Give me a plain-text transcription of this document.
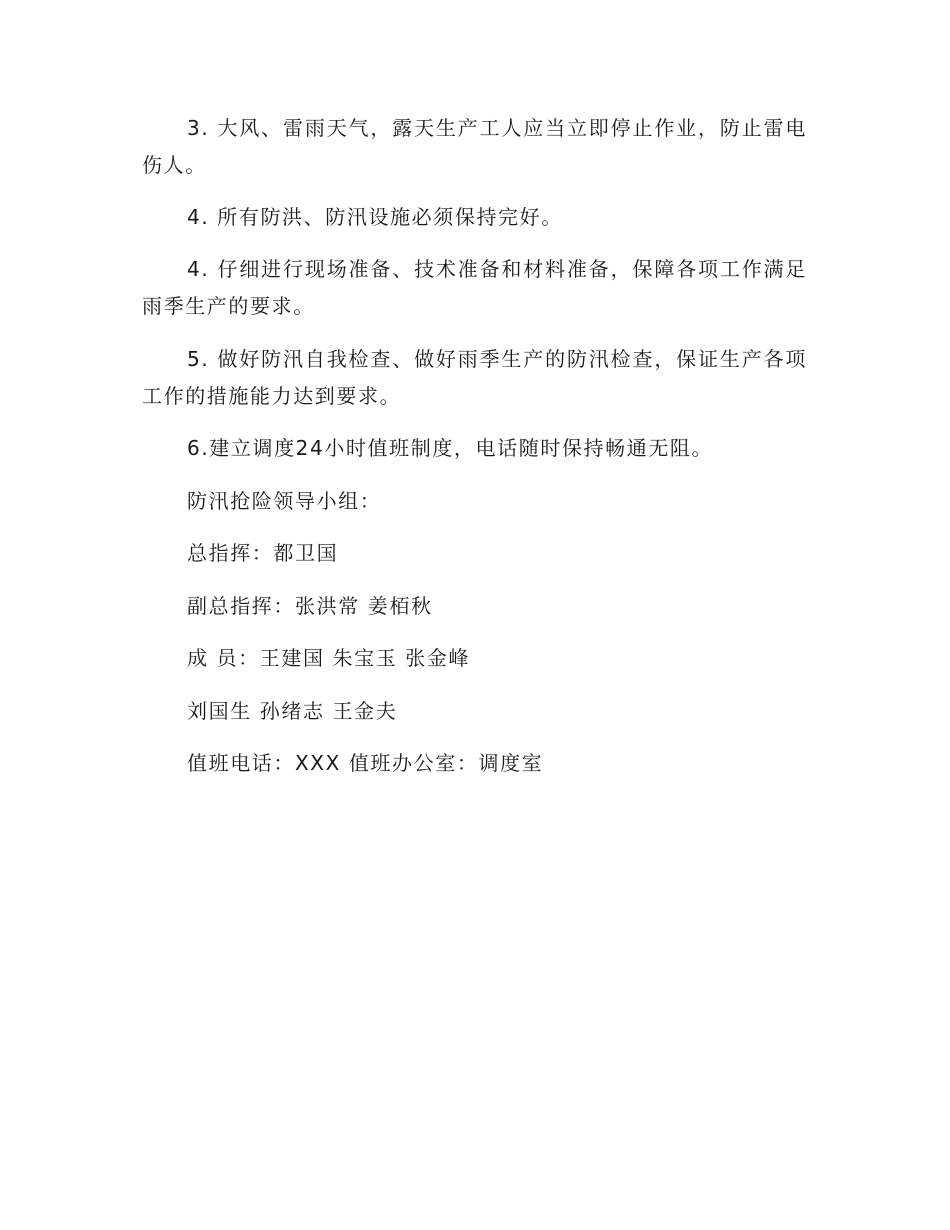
3. 大风、雷雨天气，露天生产工人应当立即停止作业，防止雷电
伤人。
4. 所有防洪、防汛设施必须保持完好。
4. 仔细进行现场准备、技术准备和材料准备，保障各项工作满足
雨季生产的要求。
5. 做好防汛自我检查、做好雨季生产的防汛检查，保证生产各项
工作的措施能力达到要求。
6.建立调度24小时值班制度，电话随时保持畅通无阻。
防汛抢险领导小组：
总指挥：都卫国
副总指挥：张洪常 姜栢秋
成 员：王建国 朱宝玉 张金峰
刘国生 孙绪志 王金夫
值班电话：XXX 值班办公室：调度室
